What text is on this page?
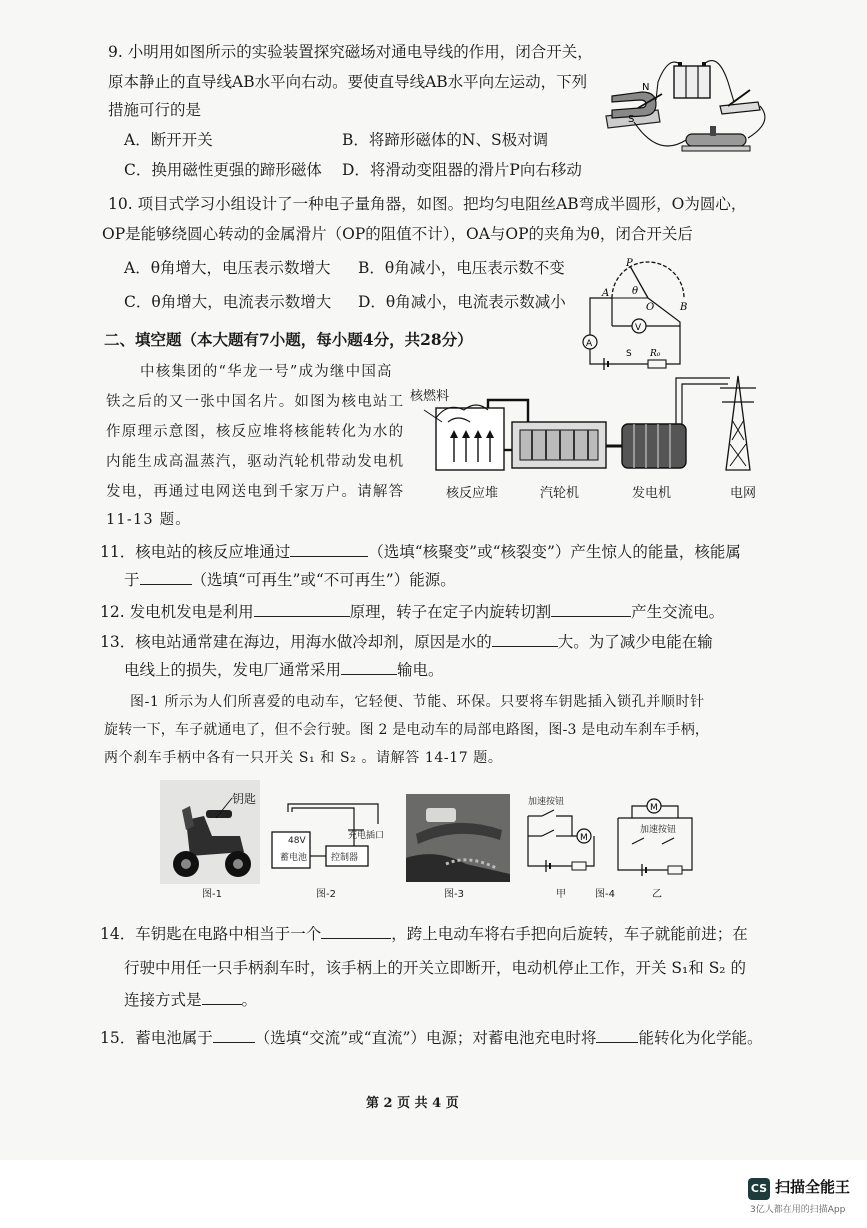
9. 小明用如图所示的实验装置探究磁场对通电导线的作用，闭合开关，
原本静止的直导线AB水平向右动。要使直导线AB水平向左运动，下列
措施可行的是
A．断开开关	B．将蹄形磁体的N、S极对调
C．换用磁性更强的蹄形磁体 D．将滑动变阻器的滑片P向右移动
N
S
10. 项目式学习小组设计了一种电子量角器，如图。把均匀电阻丝AB弯成半圆形，O为圆心，
OP是能够绕圆心转动的金属滑片（OP的阻值不计），OA与OP的夹角为θ，闭合开关后
A．θ角增大，电压表示数增大 B．θ角减小，电压表示数不变
C．θ角增大，电流表示数增大 D．θ角减小，电流表示数减小
P
A
O	B
θ
V
A
R₀
S
二、填空题（本大题有7小题，每小题4分，共28分）
中核集团的“华龙一号”成为继中国高
铁之后的又一张中国名片。如图为核电站工
作原理示意图，核反应堆将核能转化为水的
内能生成高温蒸汽，驱动汽轮机带动发电机
发电，再通过电网送电到千家万户。请解答
11-13 题。
核燃料
核反应堆	汽轮机	发电机	电网
11．核电站的核反应堆通过	（选填“核聚变”或“核裂变”）产生惊人的能量，核能属
于	（选填“可再生”或“不可再生”）能源。
12. 发电机发电是利用	原理，转子在定子内旋转切割	产生交流电。
13．核电站通常建在海边，用海水做冷却剂，原因是水的	大。为了减少电能在输
电线上的损失，发电厂通常采用	输电。
图-1 所示为人们所喜爱的电动车，它轻便、节能、环保。只要将车钥匙插入锁孔并顺时针
旋转一下，车子就通电了，但不会行驶。图 2 是电动车的局部电路图，图-3 是电动车刹车手柄，
两个刹车手柄中各有一只开关 S₁ 和 S₂ 。请解答 14-17 题。
钥匙
图-1
48V
蓄电池	控制器
充电插口
图-2	图-3
M
M
加速按钮
加速按钮
甲	图-4	乙
14．车钥匙在电路中相当于一个	，跨上电动车将右手把向后旋转，车子就能前进；在
行驶中用任一只手柄刹车时，该手柄上的开关立即断开，电动机停止工作，开关 S₁和 S₂ 的
连接方式是	。
15．蓄电池属于	（选填“交流”或“直流”）电源；对蓄电池充电时将	能转化为化学能。
第 2 页 共 4 页
CS 扫描全能王
3亿人都在用的扫描App
